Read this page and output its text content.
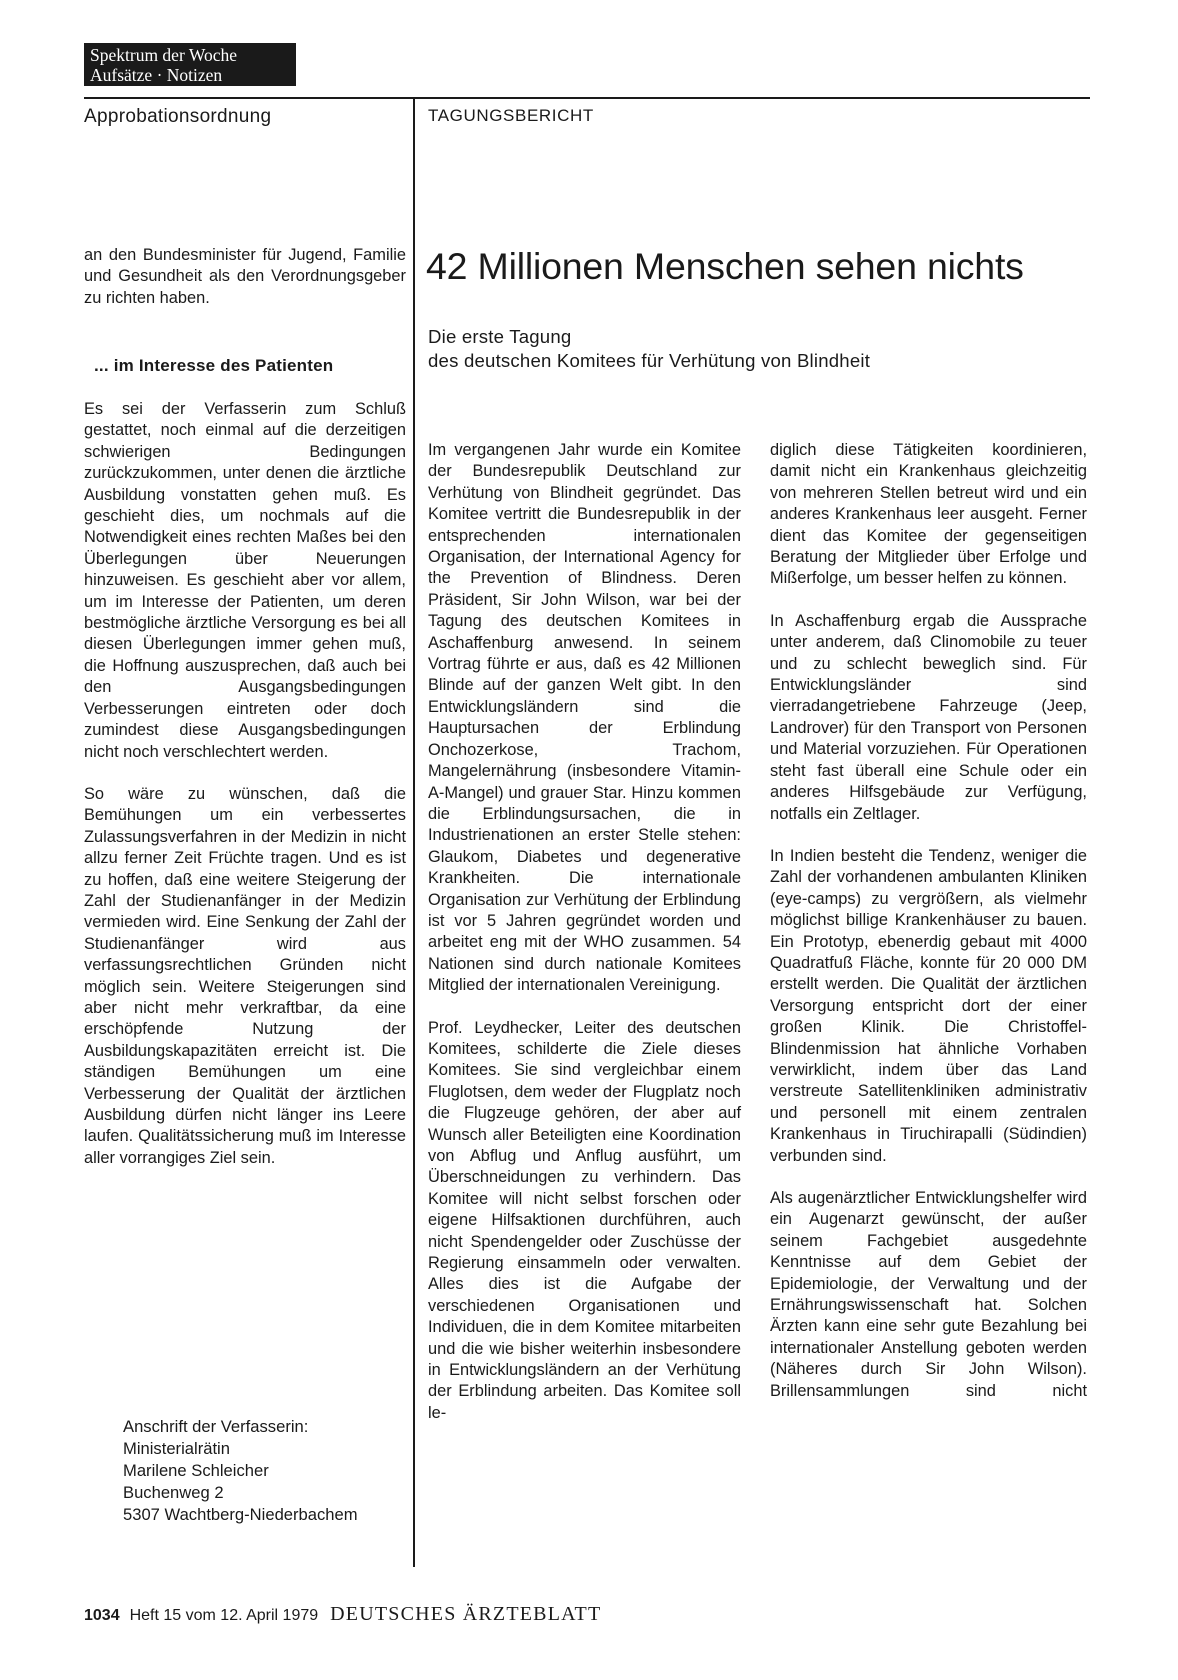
Spektrum der Woche
Aufsätze · Notizen
Approbationsordnung	TAGUNGSBERICHT

an den Bundesminister für Jugend, Familie und Gesundheit als den Verordnungsgeber zu richten haben.

... im Interesse des Patienten

Es sei der Verfasserin zum Schluß gestattet, noch einmal auf die derzeitigen schwierigen Bedingungen zurückzukommen, unter denen die ärztliche Ausbildung vonstatten gehen muß. Es geschieht dies, um nochmals auf die Notwendigkeit eines rechten Maßes bei den Überlegungen über Neuerungen hinzuweisen. Es geschieht aber vor allem, um im Interesse der Patienten, um deren bestmögliche ärztliche Versorgung es bei all diesen Überlegungen immer gehen muß, die Hoffnung auszusprechen, daß auch bei den Ausgangsbedingungen Verbesserungen eintreten oder doch zumindest diese Ausgangsbedingungen nicht noch verschlechtert werden.

So wäre zu wünschen, daß die Bemühungen um ein verbessertes Zulassungsverfahren in der Medizin in nicht allzu ferner Zeit Früchte tragen. Und es ist zu hoffen, daß eine weitere Steigerung der Zahl der Studienanfänger in der Medizin vermieden wird. Eine Senkung der Zahl der Studienanfänger wird aus verfassungsrechtlichen Gründen nicht möglich sein. Weitere Steigerungen sind aber nicht mehr verkraftbar, da eine erschöpfende Nutzung der Ausbildungskapazitäten erreicht ist. Die ständigen Bemühungen um eine Verbesserung der Qualität der ärztlichen Ausbildung dürfen nicht länger ins Leere laufen. Qualitätssicherung muß im Interesse aller vorrangiges Ziel sein.

Anschrift der Verfasserin:
Ministerialrätin
Marilene Schleicher
Buchenweg 2
5307 Wachtberg-Niederbachem
42 Millionen Menschen sehen nichts
Die erste Tagung
des deutschen Komitees für Verhütung von Blindheit

Im vergangenen Jahr wurde ein Komitee der Bundesrepublik Deutschland zur Verhütung von Blindheit gegründet. Das Komitee vertritt die Bundesrepublik in der entsprechenden internationalen Organisation, der International Agency for the Prevention of Blindness. Deren Präsident, Sir John Wilson, war bei der Tagung des deutschen Komitees in Aschaffenburg anwesend. In seinem Vortrag führte er aus, daß es 42 Millionen Blinde auf der ganzen Welt gibt. In den Entwicklungsländern sind die Hauptursachen der Erblindung Onchozerkose, Trachom, Mangelernährung (insbesondere Vitamin-A-Mangel) und grauer Star. Hinzu kommen die Erblindungsursachen, die in Industrienationen an erster Stelle stehen: Glaukom, Diabetes und degenerative Krankheiten. Die internationale Organisation zur Verhütung der Erblindung ist vor 5 Jahren gegründet worden und arbeitet eng mit der WHO zusammen. 54 Nationen sind durch nationale Komitees Mitglied der internationalen Vereinigung.

Prof. Leydhecker, Leiter des deutschen Komitees, schilderte die Ziele dieses Komitees. Sie sind vergleichbar einem Fluglotsen, dem weder der Flugplatz noch die Flugzeuge gehören, der aber auf Wunsch aller Beteiligten eine Koordination von Abflug und Anflug ausführt, um Überschneidungen zu verhindern. Das Komitee will nicht selbst forschen oder eigene Hilfsaktionen durchführen, auch nicht Spendengelder oder Zuschüsse der Regierung einsammeln oder verwalten. Alles dies ist die Aufgabe der verschiedenen Organisationen und Individuen, die in dem Komitee mitarbeiten und die wie bisher weiterhin insbesondere in Entwicklungsländern an der Verhütung der Erblindung arbeiten. Das Komitee soll le-

diglich diese Tätigkeiten koordinieren, damit nicht ein Krankenhaus gleichzeitig von mehreren Stellen betreut wird und ein anderes Krankenhaus leer ausgeht. Ferner dient das Komitee der gegenseitigen Beratung der Mitglieder über Erfolge und Mißerfolge, um besser helfen zu können.

In Aschaffenburg ergab die Aussprache unter anderem, daß Clinomobile zu teuer und zu schlecht beweglich sind. Für Entwicklungsländer sind vierradangetriebene Fahrzeuge (Jeep, Landrover) für den Transport von Personen und Material vorzuziehen. Für Operationen steht fast überall eine Schule oder ein anderes Hilfsgebäude zur Verfügung, notfalls ein Zeltlager.

In Indien besteht die Tendenz, weniger die Zahl der vorhandenen ambulanten Kliniken (eye-camps) zu vergrößern, als vielmehr möglichst billige Krankenhäuser zu bauen. Ein Prototyp, ebenerdig gebaut mit 4000 Quadratfuß Fläche, konnte für 20 000 DM erstellt werden. Die Qualität der ärztlichen Versorgung entspricht dort der einer großen Klinik. Die Christoffel-Blindenmission hat ähnliche Vorhaben verwirklicht, indem über das Land verstreute Satellitenkliniken administrativ und personell mit einem zentralen Krankenhaus in Tiruchirapalli (Südindien) verbunden sind.

Als augenärztlicher Entwicklungshelfer wird ein Augenarzt gewünscht, der außer seinem Fachgebiet ausgedehnte Kenntnisse auf dem Gebiet der Epidemiologie, der Verwaltung und der Ernährungswissenschaft hat. Solchen Ärzten kann eine sehr gute Bezahlung bei internationaler Anstellung geboten werden (Näheres durch Sir John Wilson). Brillensammlungen sind nicht

1034 Heft 15 vom 12. April 1979 DEUTSCHES ÄRZTEBLATT
